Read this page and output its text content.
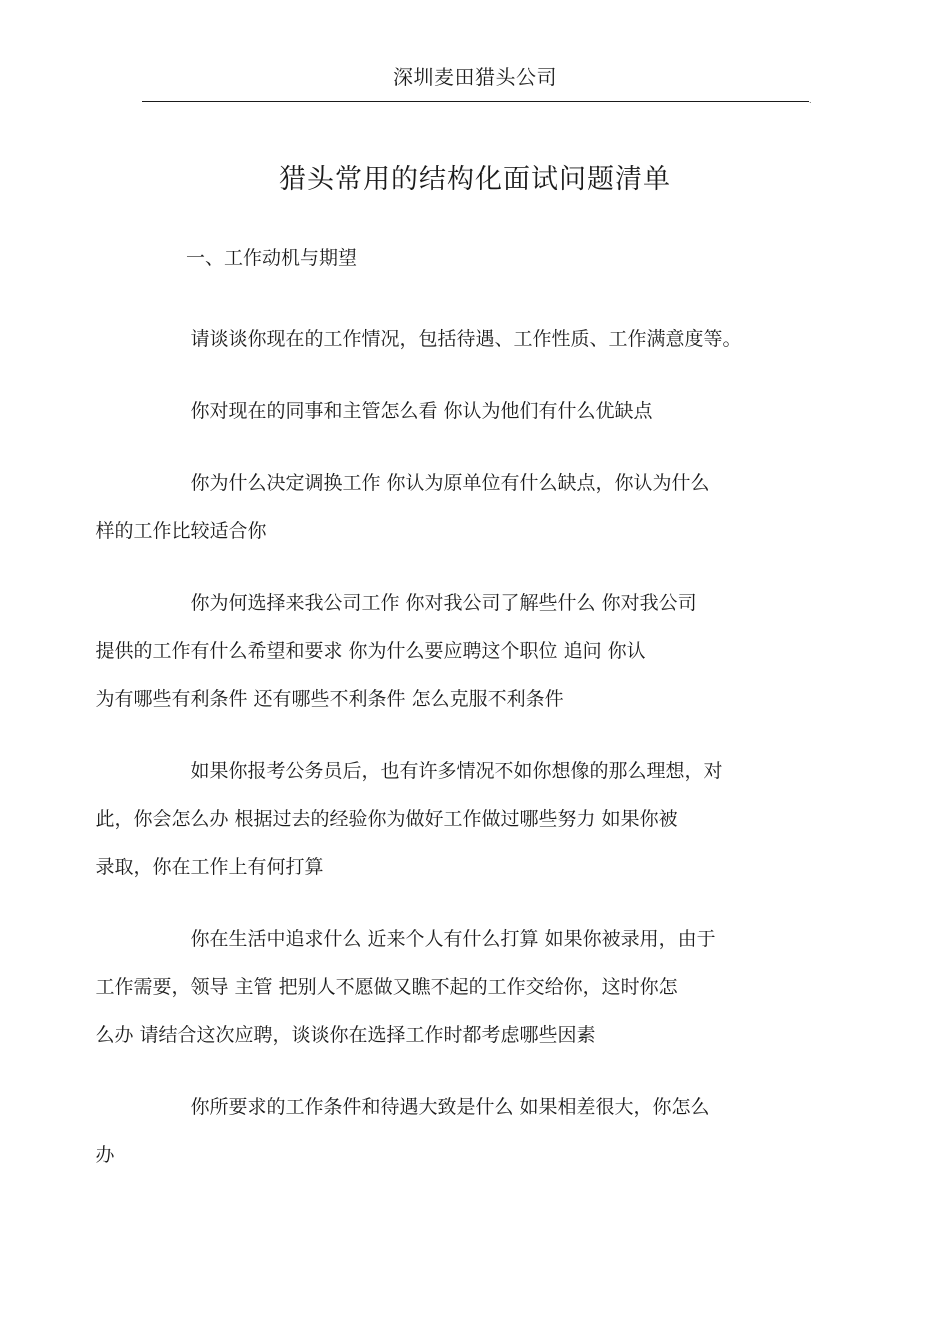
深圳麦田猎头公司
.
猎头常用的结构化面试问题清单
一、工作动机与期望
请谈谈你现在的工作情况，包括待遇、工作性质、工作满意度等。
你对现在的同事和主管怎么看 你认为他们有什么优缺点
你为什么决定调换工作 你认为原单位有什么缺点，你认为什么
样的工作比较适合你
你为何选择来我公司工作 你对我公司了解些什么 你对我公司
提供的工作有什么希望和要求 你为什么要应聘这个职位 追问 你认
为有哪些有利条件 还有哪些不利条件 怎么克服不利条件
如果你报考公务员后，也有许多情况不如你想像的那么理想，对
此，你会怎么办 根据过去的经验你为做好工作做过哪些努力 如果你被
录取，你在工作上有何打算
你在生活中追求什么 近来个人有什么打算 如果你被录用，由于
工作需要，领导 主管 把别人不愿做又瞧不起的工作交给你，这时你怎
么办 请结合这次应聘，谈谈你在选择工作时都考虑哪些因素
你所要求的工作条件和待遇大致是什么 如果相差很大，你怎么
办
